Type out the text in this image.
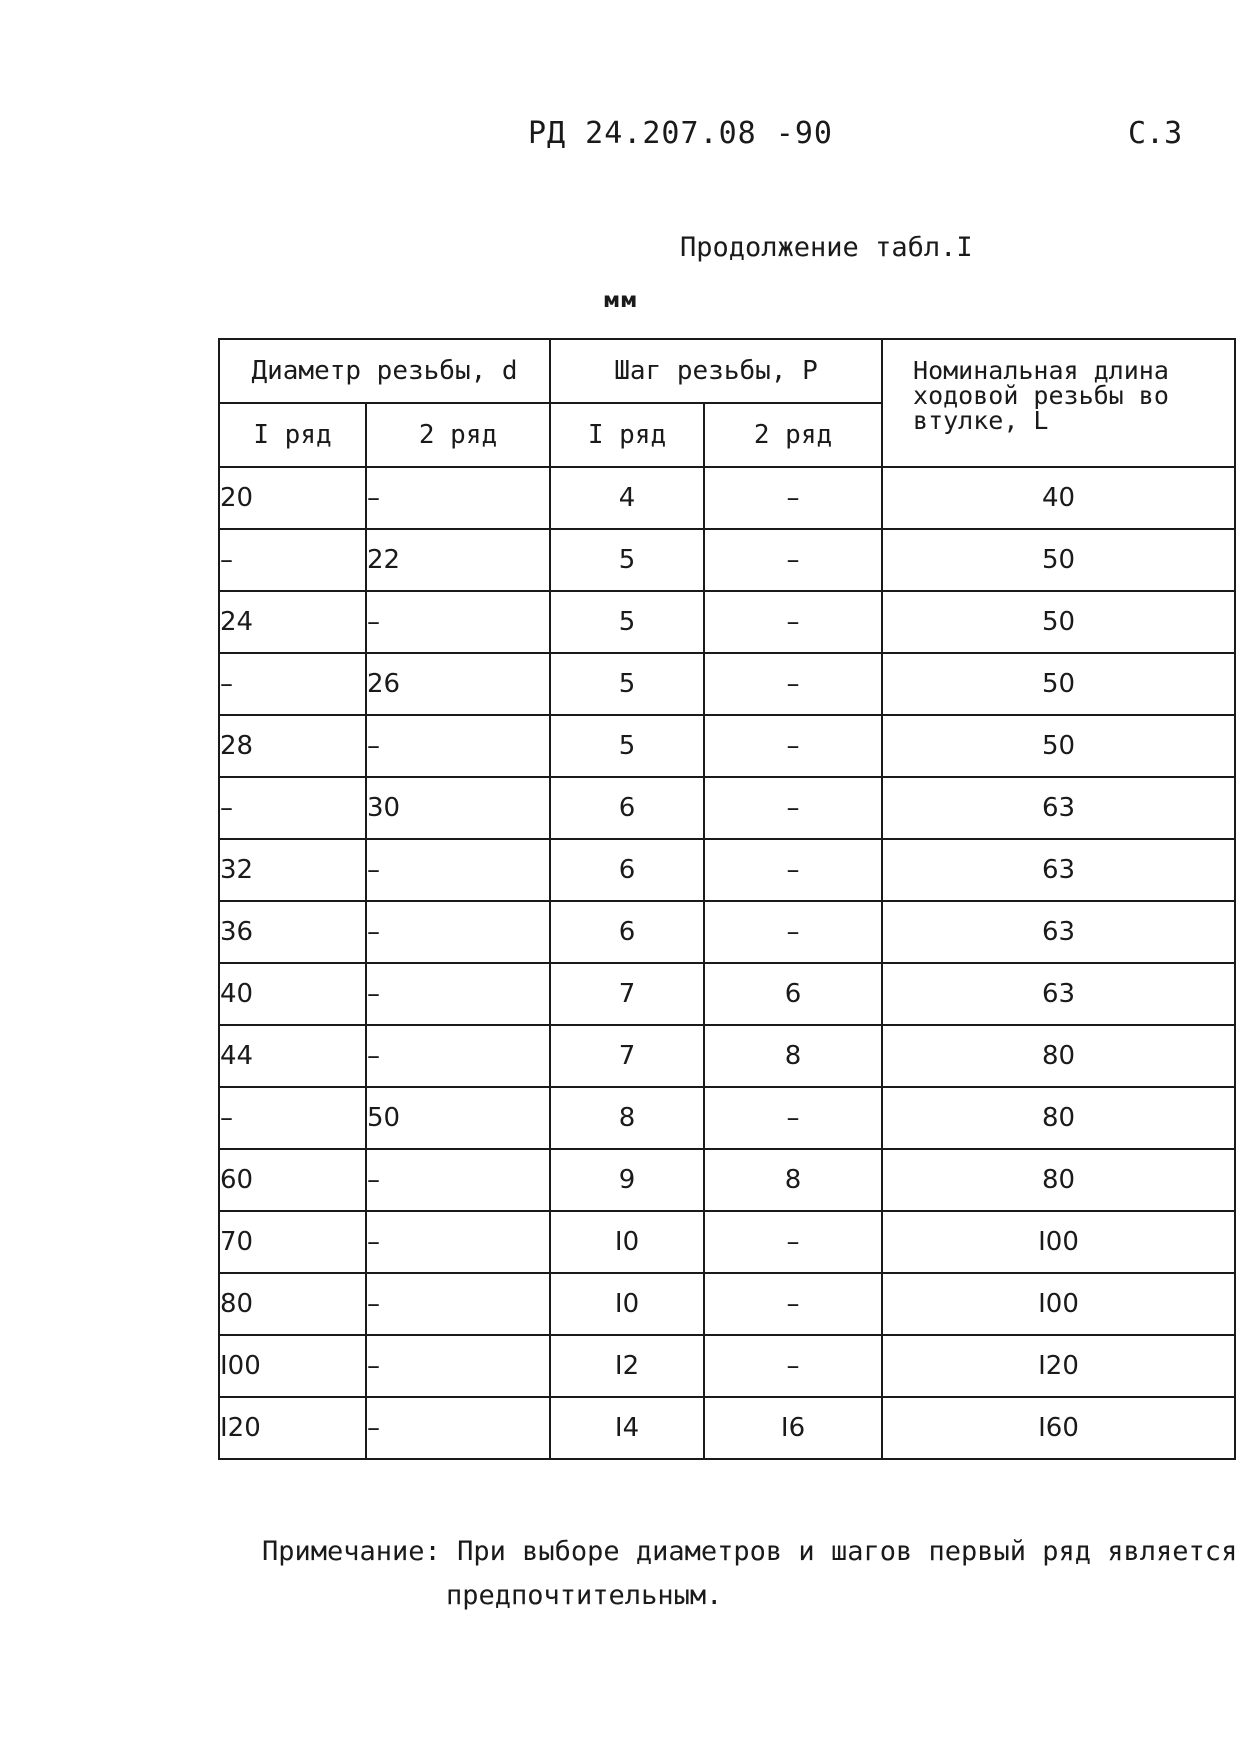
РД 24.207.08 -90	С.3
Продолжение табл.I
мм
Диаметр резьбы, d		Шаг резьбы, Р		Номинальная длина
ходовой резьбы во
втулке, L
I ряд	2 ряд	I ряд	2 ряд	
20	–	4	–	40
–	22	5	–	50
24	–	5	–	50
–	26	5	–	50
28	–	5	–	50
–	30	6	–	63
32	–	6	–	63
36	–	6	–	63
40	–	7	6	63
44	–	7	8	80
–	50	8	–	80
60	–	9	8	80
70	–	I0	–	I00
80	–	I0	–	I00
I00	–	I2	–	I20
I20	–	I4	I6	I60
Примечание: При выборе диаметров и шагов первый ряд является
предпочтительным.
